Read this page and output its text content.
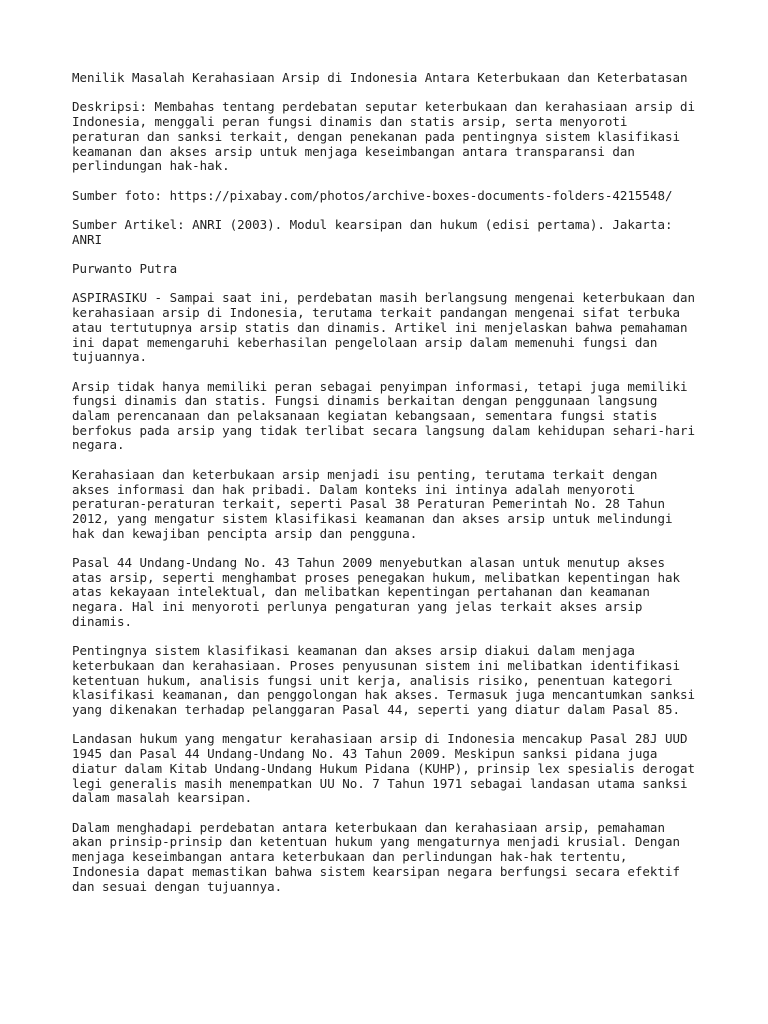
Menilik Masalah Kerahasiaan Arsip di Indonesia Antara Keterbukaan dan Keterbatasan

Deskripsi: Membahas tentang perdebatan seputar keterbukaan dan kerahasiaan arsip di
Indonesia, menggali peran fungsi dinamis dan statis arsip, serta menyoroti
peraturan dan sanksi terkait, dengan penekanan pada pentingnya sistem klasifikasi
keamanan dan akses arsip untuk menjaga keseimbangan antara transparansi dan
perlindungan hak-hak.

Sumber foto: https://pixabay.com/photos/archive-boxes-documents-folders-4215548/

Sumber Artikel: ANRI (2003). Modul kearsipan dan hukum (edisi pertama). Jakarta:
ANRI

Purwanto Putra

ASPIRASIKU - Sampai saat ini, perdebatan masih berlangsung mengenai keterbukaan dan
kerahasiaan arsip di Indonesia, terutama terkait pandangan mengenai sifat terbuka
atau tertutupnya arsip statis dan dinamis. Artikel ini menjelaskan bahwa pemahaman
ini dapat memengaruhi keberhasilan pengelolaan arsip dalam memenuhi fungsi dan
tujuannya.

Arsip tidak hanya memiliki peran sebagai penyimpan informasi, tetapi juga memiliki
fungsi dinamis dan statis. Fungsi dinamis berkaitan dengan penggunaan langsung
dalam perencanaan dan pelaksanaan kegiatan kebangsaan, sementara fungsi statis
berfokus pada arsip yang tidak terlibat secara langsung dalam kehidupan sehari-hari
negara.

Kerahasiaan dan keterbukaan arsip menjadi isu penting, terutama terkait dengan
akses informasi dan hak pribadi. Dalam konteks ini intinya adalah menyoroti
peraturan-peraturan terkait, seperti Pasal 38 Peraturan Pemerintah No. 28 Tahun
2012, yang mengatur sistem klasifikasi keamanan dan akses arsip untuk melindungi
hak dan kewajiban pencipta arsip dan pengguna.

Pasal 44 Undang-Undang No. 43 Tahun 2009 menyebutkan alasan untuk menutup akses
atas arsip, seperti menghambat proses penegakan hukum, melibatkan kepentingan hak
atas kekayaan intelektual, dan melibatkan kepentingan pertahanan dan keamanan
negara. Hal ini menyoroti perlunya pengaturan yang jelas terkait akses arsip
dinamis.

Pentingnya sistem klasifikasi keamanan dan akses arsip diakui dalam menjaga
keterbukaan dan kerahasiaan. Proses penyusunan sistem ini melibatkan identifikasi
ketentuan hukum, analisis fungsi unit kerja, analisis risiko, penentuan kategori
klasifikasi keamanan, dan penggolongan hak akses. Termasuk juga mencantumkan sanksi
yang dikenakan terhadap pelanggaran Pasal 44, seperti yang diatur dalam Pasal 85.

Landasan hukum yang mengatur kerahasiaan arsip di Indonesia mencakup Pasal 28J UUD
1945 dan Pasal 44 Undang-Undang No. 43 Tahun 2009. Meskipun sanksi pidana juga
diatur dalam Kitab Undang-Undang Hukum Pidana (KUHP), prinsip lex spesialis derogat
legi generalis masih menempatkan UU No. 7 Tahun 1971 sebagai landasan utama sanksi
dalam masalah kearsipan.

Dalam menghadapi perdebatan antara keterbukaan dan kerahasiaan arsip, pemahaman
akan prinsip-prinsip dan ketentuan hukum yang mengaturnya menjadi krusial. Dengan
menjaga keseimbangan antara keterbukaan dan perlindungan hak-hak tertentu,
Indonesia dapat memastikan bahwa sistem kearsipan negara berfungsi secara efektif
dan sesuai dengan tujuannya.
